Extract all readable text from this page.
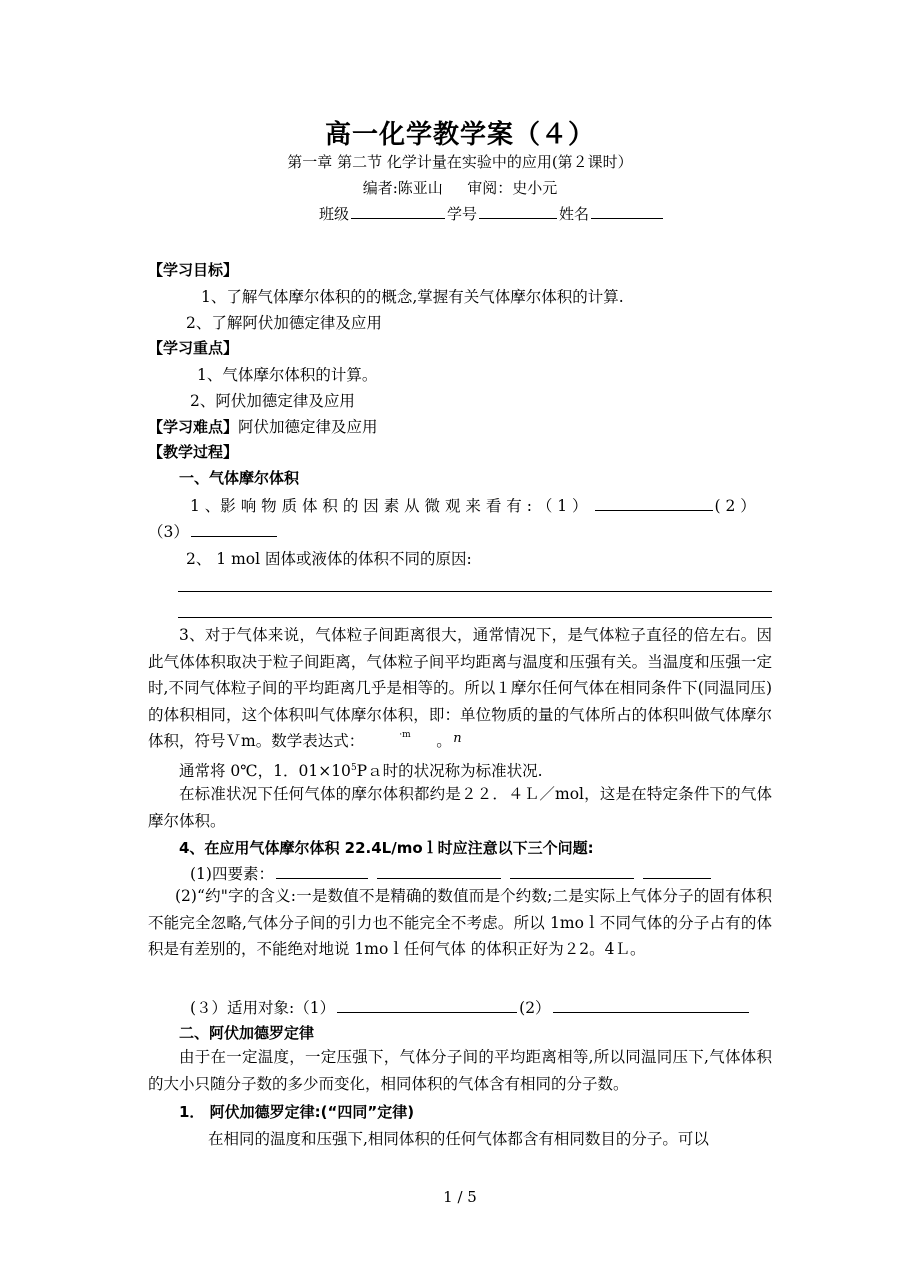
高一化学教学案（４）
第一章 第二节 化学计量在实验中的应用(第２课时）
编者:陈亚山 　 审阅：史小元
班级	学号	姓名
【学习目标】
1、了解气体摩尔体积的的概念,掌握有关气体摩尔体积的计算.
2、了解阿伏加德定律及应用
【学习重点】
1、气体摩尔体积的计算。
2、阿伏加德定律及应用
【学习难点】阿伏加德定律及应用
【教学过程】
一、气体摩尔体积
1 、影 响 物 质 体 积 的 因 素 从 微 观 来 看 有 : （ 1 ）	( 2 ）
（3）
2、 1 mol 固体或液体的体积不同的原因:
3、对于气体来说，气体粒子间距离很大，通常情况下，是气体粒子直径的倍左右。因此气体体积取决于粒子间距离，气体粒子间平均距离与温度和压强有关。当温度和压强一定时,不同气体粒子间的平均距离几乎是相等的。所以１摩尔任何气体在相同条件下(同温同压)的体积相同，这个体积叫气体摩尔体积，即：单位物质的量的气体所占的体积叫做气体摩尔体积，符号Ｖm。数学表达式：	·m	n
。
通常将 0℃，1．$01\times 10^5Pa$时的状况称为标准状况.
在标准状况下任何气体的摩尔体积都约是２２．４Ｌ／mol，这是在特定条件下的气体摩尔体积。
4、在应用气体摩尔体积 22.4L/moｌ时应注意以下三个问题:
(1)四要素：
(2)“约"字的含义:一是数值不是精确的数值而是个约数;二是实际上气体分子的固有体积不能完全忽略,气体分子间的引力也不能完全不考虑。所以 1moｌ不同气体的分子占有的体积是有差别的，不能绝对地说 1moｌ任何气体 的体积正好为２2。4Ｌ。
(３）适用对象:（1）	(2）
二、阿伏加德罗定律
由于在一定温度，一定压强下，气体分子间的平均距离相等,所以同温同压下,气体体积的大小只随分子数的多少而变化，相同体积的气体含有相同的分子数。
1． 阿伏加德罗定律:(“四同”定律)
在相同的温度和压强下,相同体积的任何气体都含有相同数目的分子。可以
1 / 5
